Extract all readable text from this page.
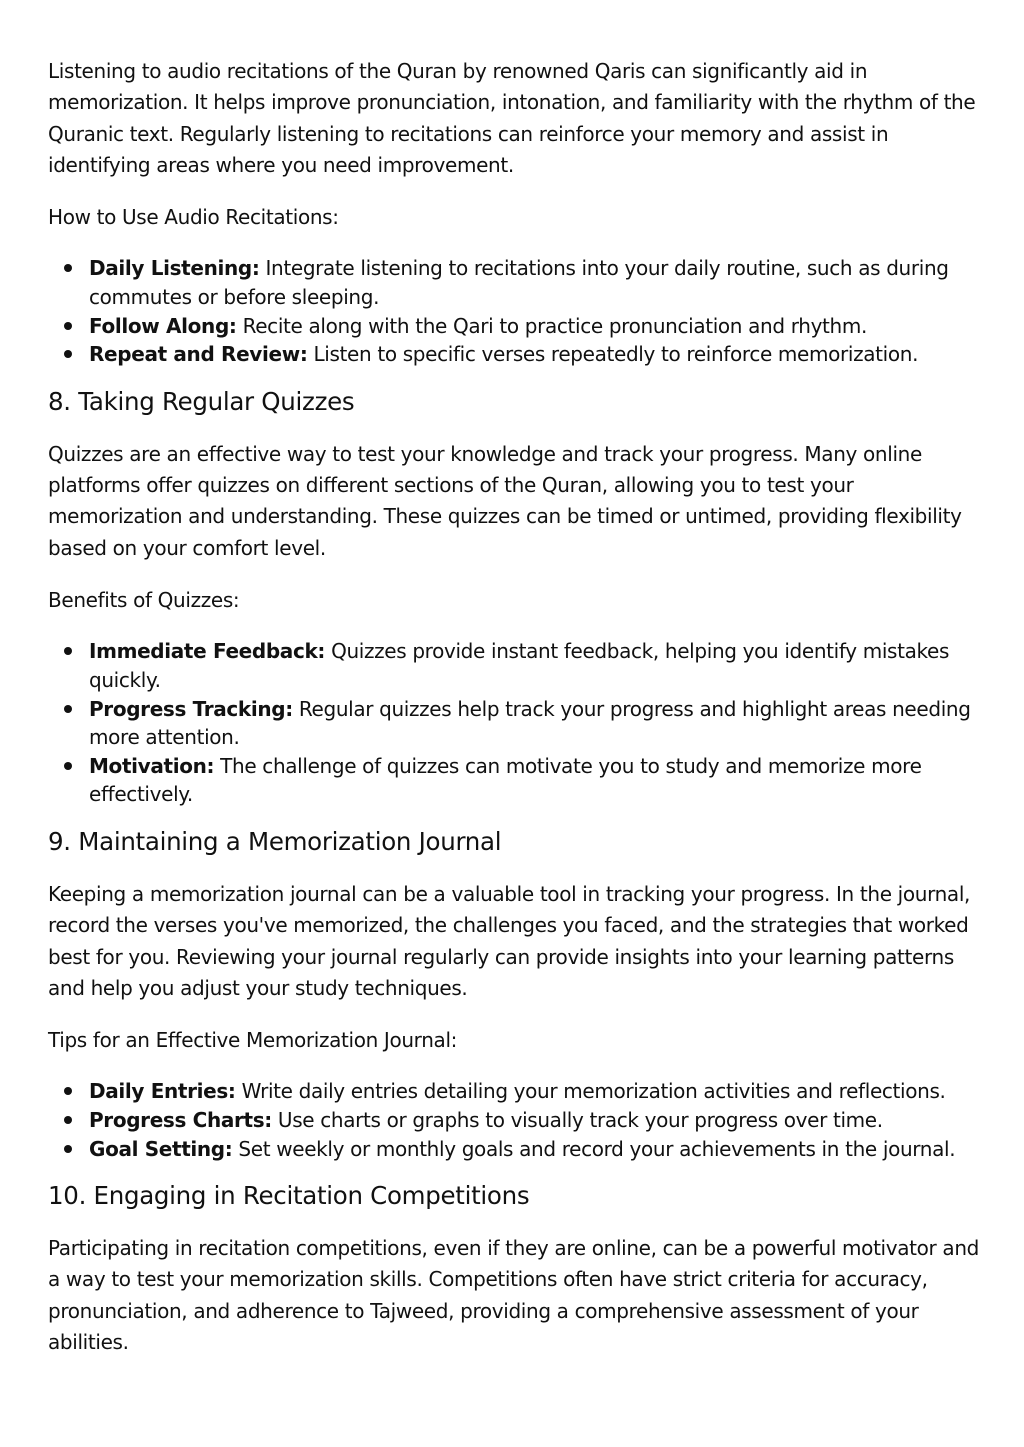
Listening to audio recitations of the Quran by renowned Qaris can significantly aid in memorization. It helps improve pronunciation, intonation, and familiarity with the rhythm of the Quranic text. Regularly listening to recitations can reinforce your memory and assist in identifying areas where you need improvement.

How to Use Audio Recitations:

Daily Listening: Integrate listening to recitations into your daily routine, such as during commutes or before sleeping.
Follow Along: Recite along with the Qari to practice pronunciation and rhythm.
Repeat and Review: Listen to specific verses repeatedly to reinforce memorization.
8. Taking Regular Quizzes

Quizzes are an effective way to test your knowledge and track your progress. Many online platforms offer quizzes on different sections of the Quran, allowing you to test your memorization and understanding. These quizzes can be timed or untimed, providing flexibility based on your comfort level.

Benefits of Quizzes:

Immediate Feedback: Quizzes provide instant feedback, helping you identify mistakes quickly.
Progress Tracking: Regular quizzes help track your progress and highlight areas needing more attention.
Motivation: The challenge of quizzes can motivate you to study and memorize more effectively.
9. Maintaining a Memorization Journal

Keeping a memorization journal can be a valuable tool in tracking your progress. In the journal, record the verses you've memorized, the challenges you faced, and the strategies that worked best for you. Reviewing your journal regularly can provide insights into your learning patterns and help you adjust your study techniques.

Tips for an Effective Memorization Journal:

Daily Entries: Write daily entries detailing your memorization activities and reflections.
Progress Charts: Use charts or graphs to visually track your progress over time.
Goal Setting: Set weekly or monthly goals and record your achievements in the journal.
10. Engaging in Recitation Competitions

Participating in recitation competitions, even if they are online, can be a powerful motivator and a way to test your memorization skills. Competitions often have strict criteria for accuracy, pronunciation, and adherence to Tajweed, providing a comprehensive assessment of your abilities.
